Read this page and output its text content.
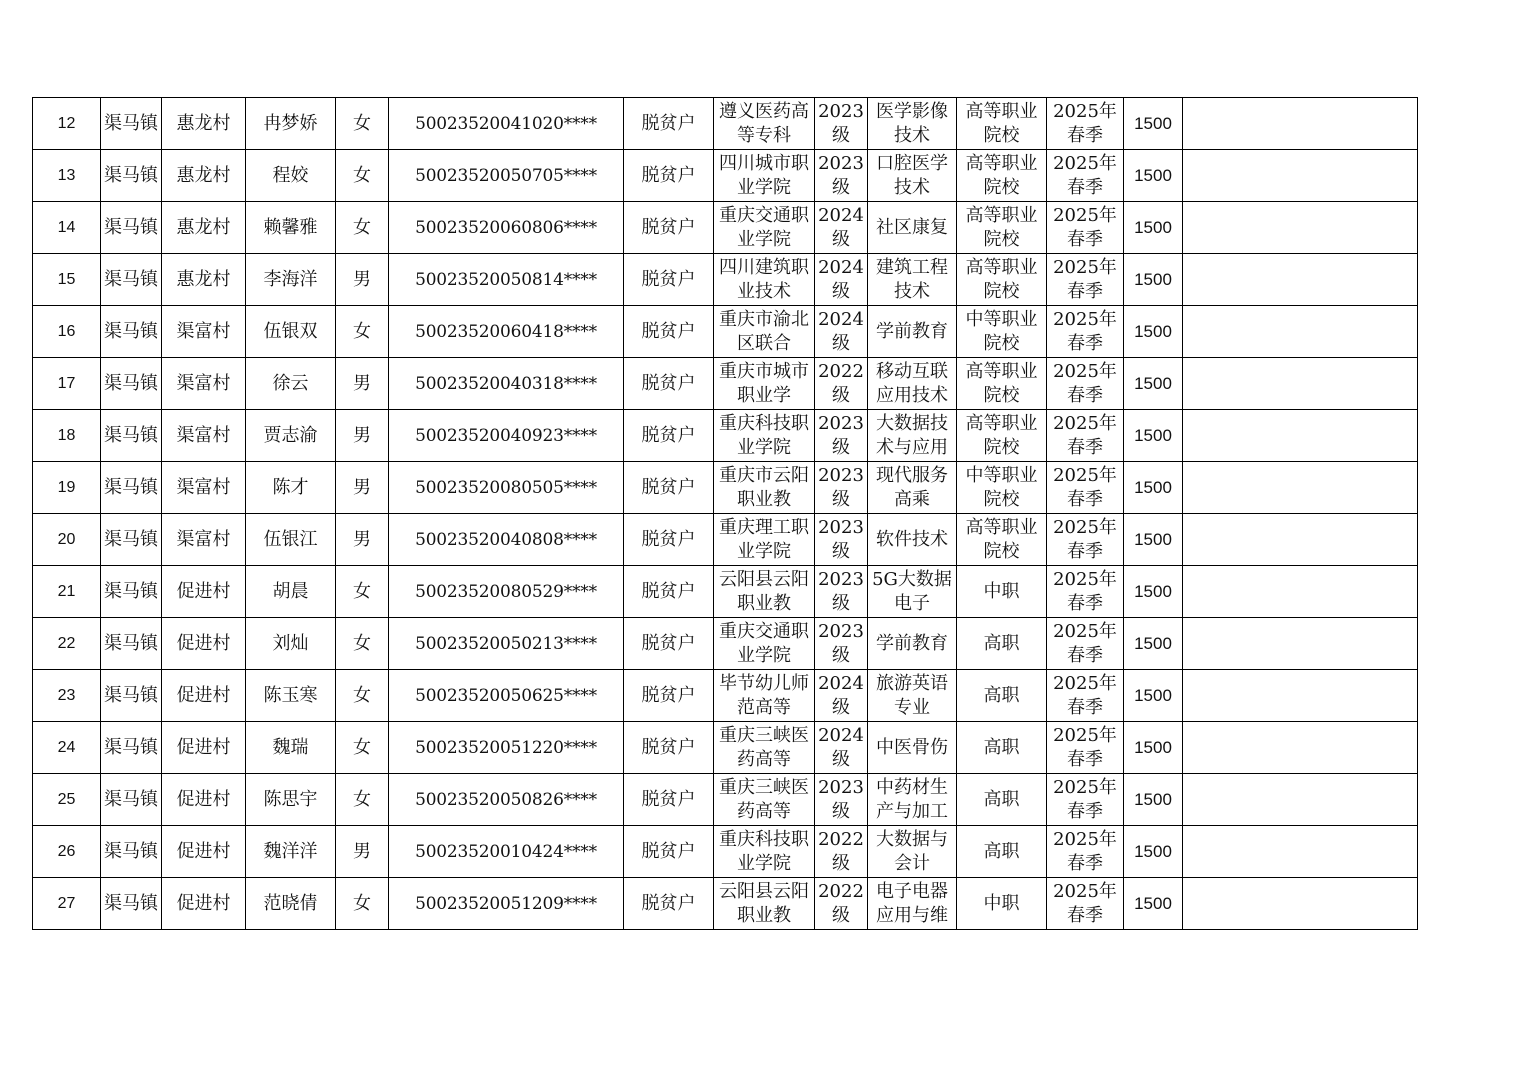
12	渠马镇	惠龙村	冉梦娇	女	50023520041020****	脱贫户	遵义医药高等专科	2023级	医学影像技术	高等职业院校	2025年春季	1500	

13	渠马镇	惠龙村	程姣	女	50023520050705****	脱贫户	四川城市职业学院	2023级	口腔医学技术	高等职业院校	2025年春季	1500	

14	渠马镇	惠龙村	赖馨雅	女	50023520060806****	脱贫户	重庆交通职业学院	2024级	社区康复	高等职业院校	2025年春季	1500	

15	渠马镇	惠龙村	李海洋	男	50023520050814****	脱贫户	四川建筑职业技术	2024级	建筑工程技术	高等职业院校	2025年春季	1500	

16	渠马镇	渠富村	伍银双	女	50023520060418****	脱贫户	重庆市渝北区联合	2024级	学前教育	中等职业院校	2025年春季	1500	

17	渠马镇	渠富村	徐云	男	50023520040318****	脱贫户	重庆市城市职业学	2022级	移动互联应用技术	高等职业院校	2025年春季	1500	

18	渠马镇	渠富村	贾志渝	男	50023520040923****	脱贫户	重庆科技职业学院	2023级	大数据技术与应用	高等职业院校	2025年春季	1500	

19	渠马镇	渠富村	陈才	男	50023520080505****	脱贫户	重庆市云阳职业教	2023级	现代服务高乘	中等职业院校	2025年春季	1500	

20	渠马镇	渠富村	伍银江	男	50023520040808****	脱贫户	重庆理工职业学院	2023级	软件技术	高等职业院校	2025年春季	1500	

21	渠马镇	促进村	胡晨	女	50023520080529****	脱贫户	云阳县云阳职业教	2023级	5G大数据电子	中职	2025年春季	1500	

22	渠马镇	促进村	刘灿	女	50023520050213****	脱贫户	重庆交通职业学院	2023级	学前教育	高职	2025年春季	1500	

23	渠马镇	促进村	陈玉寒	女	50023520050625****	脱贫户	毕节幼儿师范高等	2024级	旅游英语专业	高职	2025年春季	1500	

24	渠马镇	促进村	魏瑞	女	50023520051220****	脱贫户	重庆三峡医药高等	2024级	中医骨伤	高职	2025年春季	1500	

25	渠马镇	促进村	陈思宇	女	50023520050826****	脱贫户	重庆三峡医药高等	2023级	中药材生产与加工	高职	2025年春季	1500	

26	渠马镇	促进村	魏洋洋	男	50023520010424****	脱贫户	重庆科技职业学院	2022级	大数据与会计	高职	2025年春季	1500	

27	渠马镇	促进村	范晓倩	女	50023520051209****	脱贫户	云阳县云阳职业教	2022级	电子电器应用与维	中职	2025年春季	1500	
